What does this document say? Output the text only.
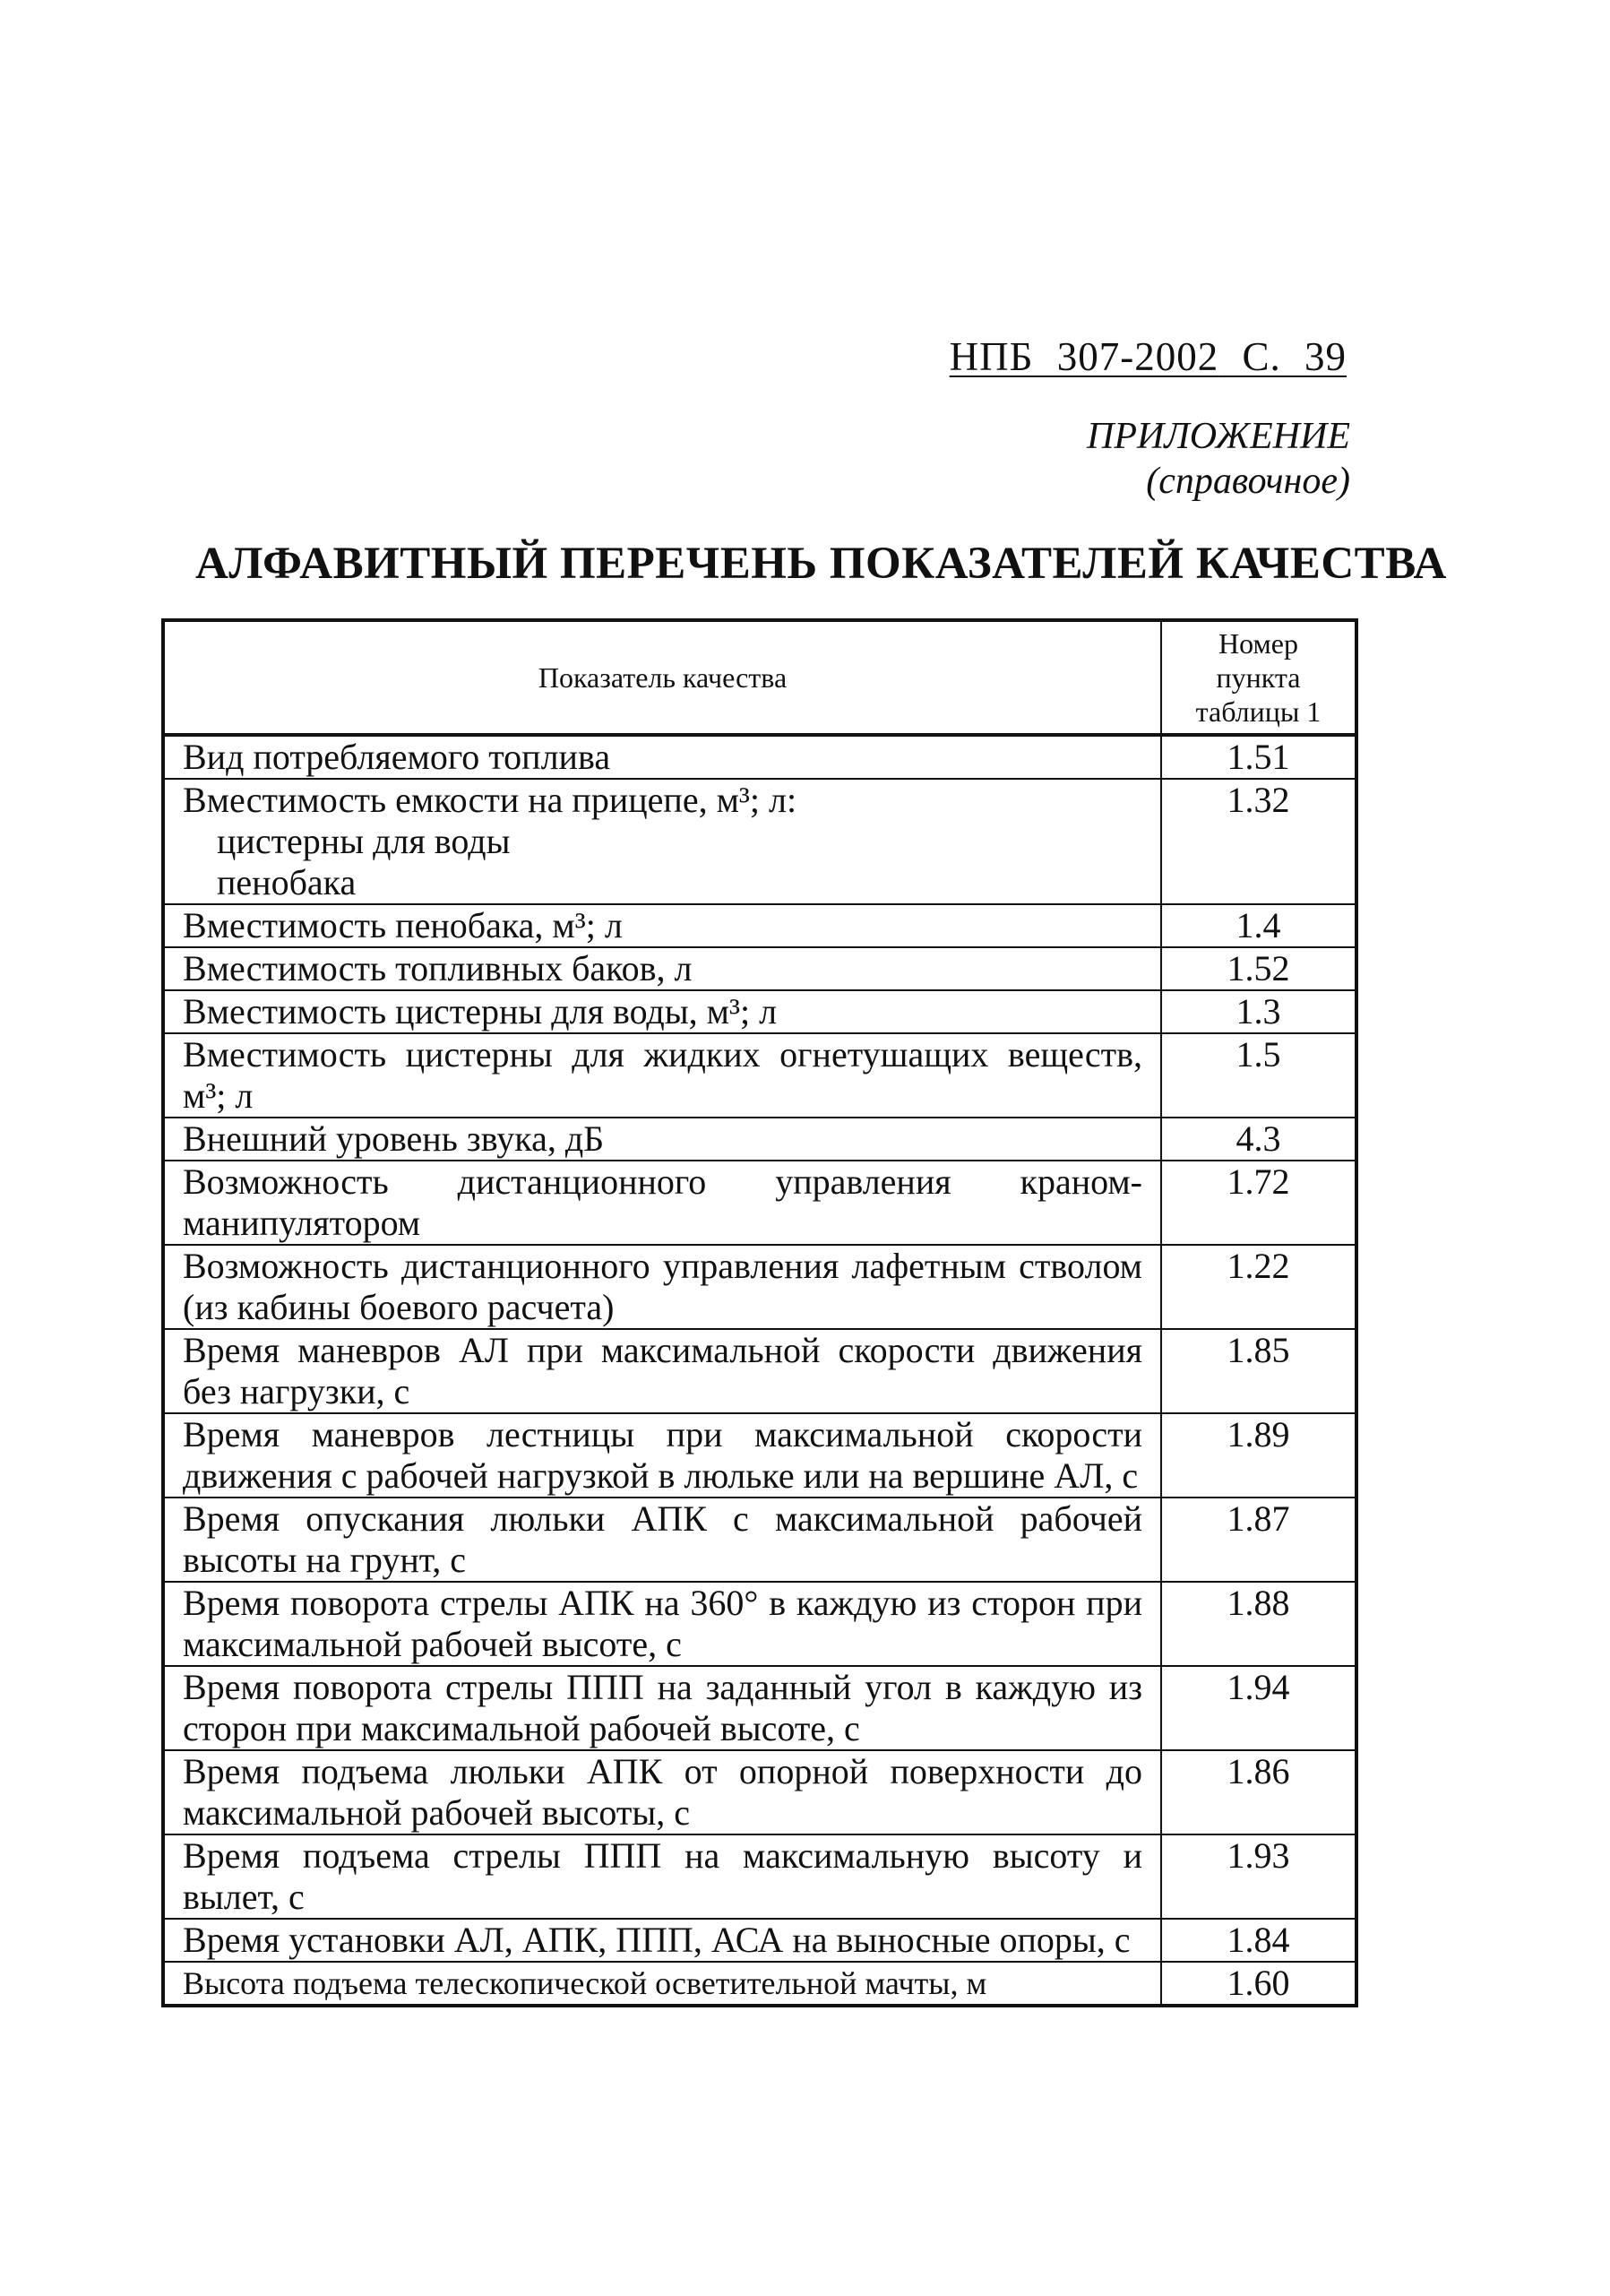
НПБ 307-2002 С. 39
ПРИЛОЖЕНИЕ
(справочное)
АЛФАВИТНЫЙ ПЕРЕЧЕНЬ ПОКАЗАТЕЛЕЙ КАЧЕСТВА
Показатель качества	Номер
пункта
таблицы 1

Вид потребляемого топлива	1.51

Вместимость емкости на прицепе, м³; л:
цистерны для воды
пенобака	1.32
Вместимость пенобака, м³; л	1.4
Вместимость топливных баков, л	1.52
Вместимость цистерны для воды, м³; л	1.3
Вместимость цистерны для жидких огнетушащих веществ, м³; л	1.5
Внешний уровень звука, дБ	4.3
Возможность дистанционного управления краном-манипулятором	1.72
Возможность дистанционного управления лафетным стволом (из кабины боевого расчета)	1.22
Время маневров АЛ при максимальной скорости движения без нагрузки, с	1.85
Время маневров лестницы при максимальной скорости движения с рабочей нагрузкой в люльке или на вершине АЛ, с	1.89
Время опускания люльки АПК с максимальной рабочей высоты на грунт, с	1.87
Время поворота стрелы АПК на 360° в каждую из сторон при максимальной рабочей высоте, с	1.88
Время поворота стрелы ППП на заданный угол в каждую из сторон при максимальной рабочей высоте, с	1.94
Время подъема люльки АПК от опорной поверхности до максимальной рабочей высоты, с	1.86
Время подъема стрелы ППП на максимальную высоту и вылет, с	1.93
Время установки АЛ, АПК, ППП, АСА на выносные опоры, с	1.84
Высота подъема телескопической осветительной мачты, м	1.60
